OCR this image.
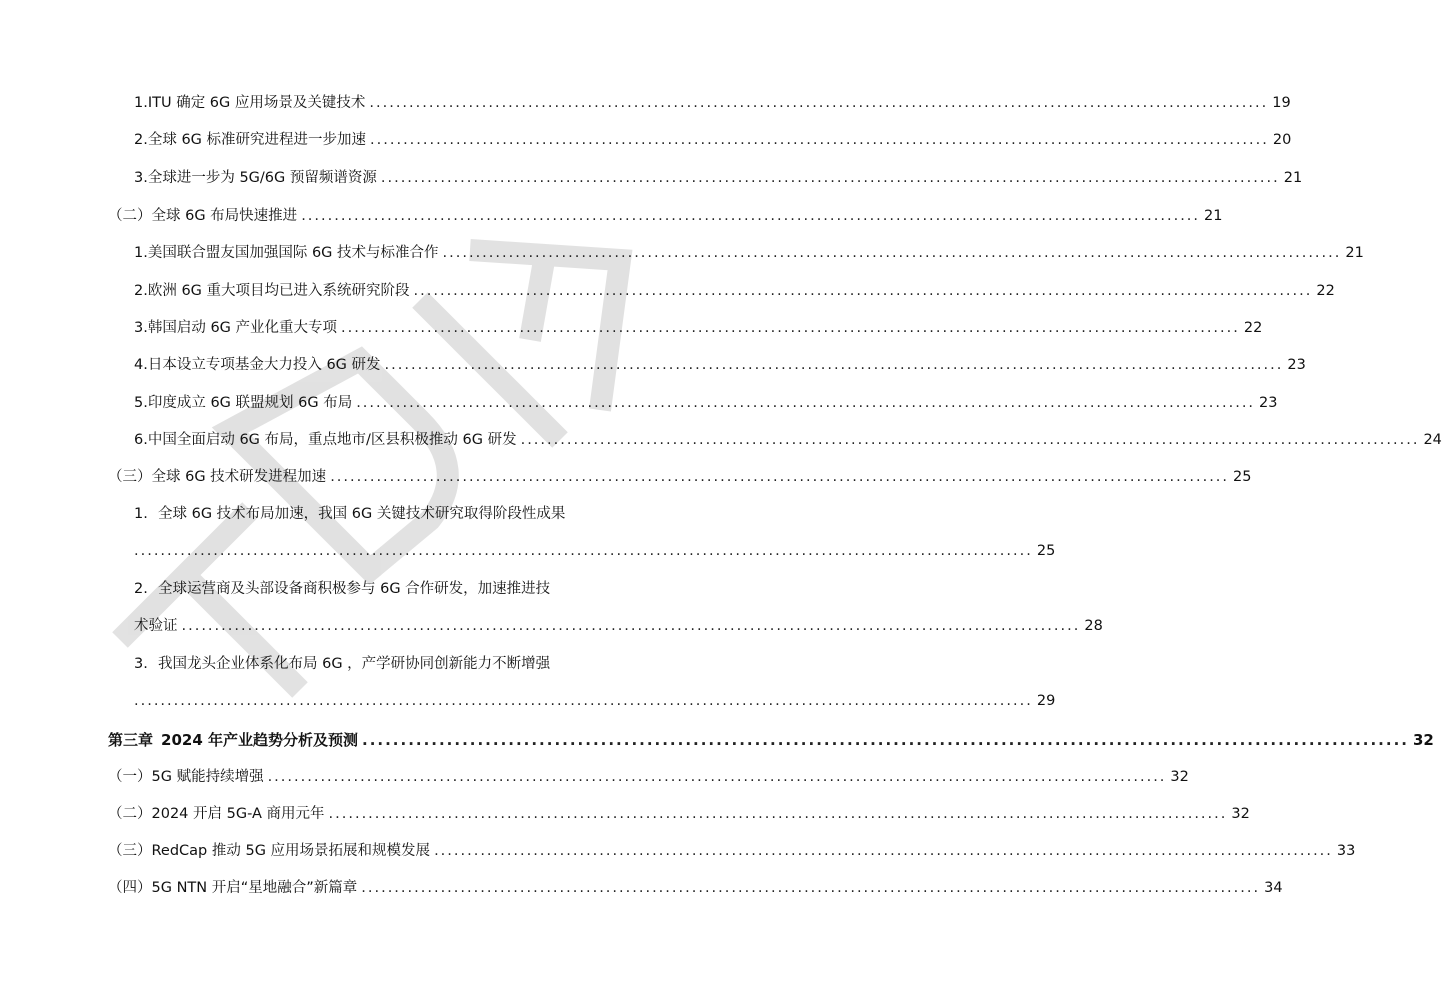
1. ITU 确定 6G 应用场景及关键技术 ........................................................................................................................................ 19
2. 全球 6G 标准研究进程进一步加速 ........................................................................................................................................ 20
3. 全球进一步为 5G/6G 预留频谱资源 ........................................................................................................................................ 21
（二） 全球 6G 布局快速推进 ........................................................................................................................................ 21
1. 美国联合盟友国加强国际 6G 技术与标准合作 ........................................................................................................................................ 21
2. 欧洲 6G 重大项目均已进入系统研究阶段 ........................................................................................................................................ 22
3. 韩国启动 6G 产业化重大专项 ........................................................................................................................................ 22
4. 日本设立专项基金大力投入 6G 研发 ........................................................................................................................................ 23
5. 印度成立 6G 联盟规划 6G 布局 ........................................................................................................................................ 23
6. 中国全面启动 6G 布局，重点地市/区县积极推动 6G 研发 ........................................................................................................................................ 24
（三） 全球 6G 技术研发进程加速 ........................................................................................................................................ 25
1. 全球 6G 技术布局加速，我国 6G 关键技术研究取得阶段性成果
........................................................................................................................................ 25
2. 全球运营商及头部设备商积极参与 6G 合作研发，加速推进技
术验证 ........................................................................................................................................ 28
3. 我国龙头企业体系化布局 6G ，产学研协同创新能力不断增强
........................................................................................................................................ 29
第三章 2024 年产业趋势分析及预测 ........................................................................................................................................ 32
（一） 5G 赋能持续增强 ........................................................................................................................................ 32
（二） 2024 开启 5G-A 商用元年 ........................................................................................................................................ 32
（三） RedCap 推动 5G 应用场景拓展和规模发展 ........................................................................................................................................ 33
（四） 5G NTN 开启“星地融合”新篇章 ........................................................................................................................................ 34
